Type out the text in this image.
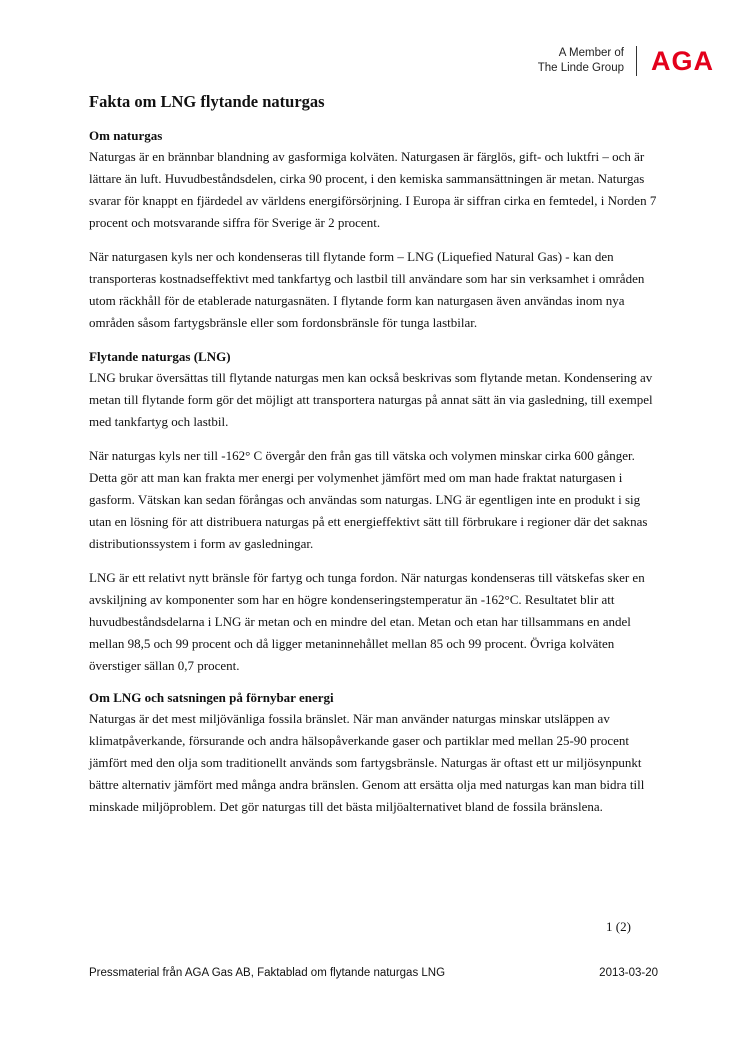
A Member of
The Linde Group AGA
Fakta om LNG flytande naturgas
Om naturgas

Naturgas är en brännbar blandning av gasformiga kolväten. Naturgasen är färglös, gift- och luktfri – och är lättare än luft. Huvudbeståndsdelen, cirka 90 procent, i den kemiska sammansättningen är metan. Naturgas svarar för knappt en fjärdedel av världens energiförsörjning. I Europa är siffran cirka en femtedel, i Norden 7 procent och motsvarande siffra för Sverige är 2 procent.

När naturgasen kyls ner och kondenseras till flytande form – LNG (Liquefied Natural Gas) - kan den transporteras kostnadseffektivt med tankfartyg och lastbil till användare som har sin verksamhet i områden utom räckhåll för de etablerade naturgasnäten. I flytande form kan naturgasen även användas inom nya områden såsom fartygsbränsle eller som fordonsbränsle för tunga lastbilar.

Flytande naturgas (LNG)

LNG brukar översättas till flytande naturgas men kan också beskrivas som flytande metan. Kondensering av metan till flytande form gör det möjligt att transportera naturgas på annat sätt än via gasledning, till exempel med tankfartyg och lastbil.

När naturgas kyls ner till -162° C övergår den från gas till vätska och volymen minskar cirka 600 gånger. Detta gör att man kan frakta mer energi per volymenhet jämfört med om man hade fraktat naturgasen i gasform. Vätskan kan sedan förångas och användas som naturgas. LNG är egentligen inte en produkt i sig utan en lösning för att distribuera naturgas på ett energieffektivt sätt till förbrukare i regioner där det saknas distributionssystem i form av gasledningar.

LNG är ett relativt nytt bränsle för fartyg och tunga fordon. När naturgas kondenseras till vätskefas sker en avskiljning av komponenter som har en högre kondenseringstemperatur än -162°C. Resultatet blir att huvudbeståndsdelarna i LNG är metan och en mindre del etan. Metan och etan har tillsammans en andel mellan 98,5 och 99 procent och då ligger metaninnehållet mellan 85 och 99 procent. Övriga kolväten överstiger sällan 0,7 procent.

Om LNG och satsningen på förnybar energi

Naturgas är det mest miljövänliga fossila bränslet. När man använder naturgas minskar utsläppen av klimatpåverkande, försurande och andra hälsopåverkande gaser och partiklar med mellan 25-90 procent jämfört med den olja som traditionellt används som fartygsbränsle. Naturgas är oftast ett ur miljösynpunkt bättre alternativ jämfört med många andra bränslen. Genom att ersätta olja med naturgas kan man bidra till minskade miljöproblem. Det gör naturgas till det bästa miljöalternativet bland de fossila bränslena.

1 (2)
Pressmaterial från AGA Gas AB, Faktablad om flytande naturgas LNG	2013-03-20
